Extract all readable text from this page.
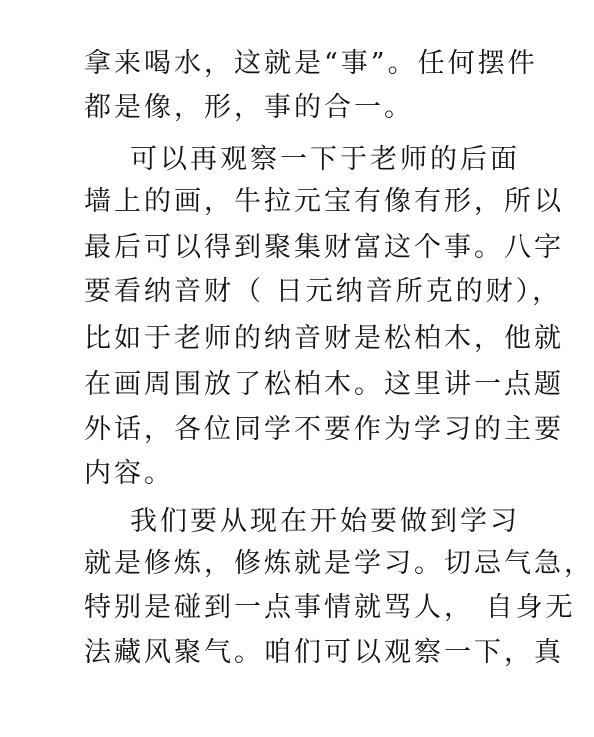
拿来喝水，这就是“事”。任何摆件
都是像，形，事的合一。
可以再观察一下于老师的后面
墙上的画，牛拉元宝有像有形，所以
最后可以得到聚集财富这个事。八字
要看纳音财（ 日元纳音所克的财），
比如于老师的纳音财是松柏木，他就
在画周围放了松柏木。这里讲一点题
外话，各位同学不要作为学习的主要
内容。
我们要从现在开始要做到学习
就是修炼，修炼就是学习。切忌气急，
特别是碰到一点事情就骂人， 自身无
法藏风聚气。咱们可以观察一下，真
